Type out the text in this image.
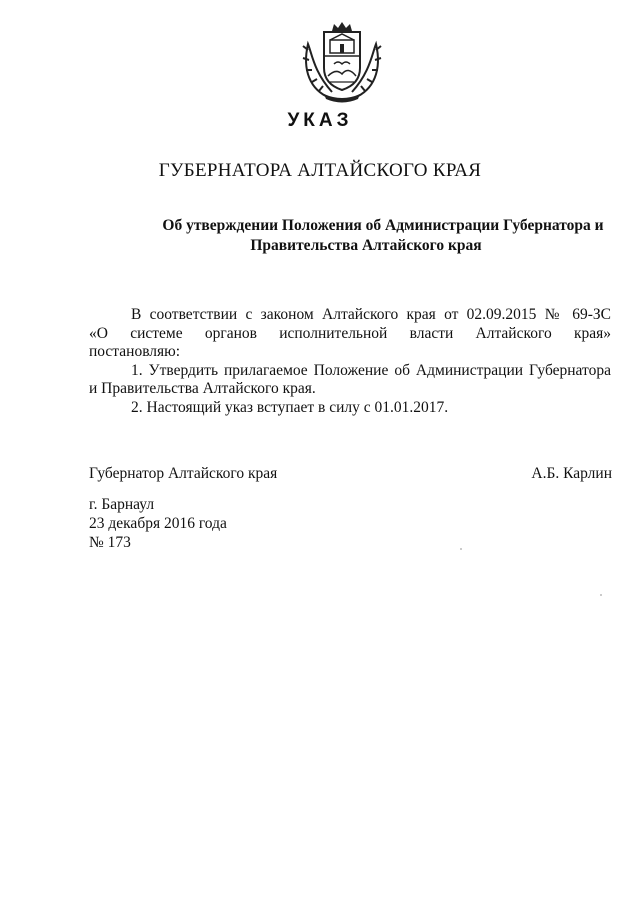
УКАЗ
ГУБЕРНАТОРА АЛТАЙСКОГО КРАЯ
Об утверждении Положения об Администрации Губернатора и
Правительства Алтайского края

В соответствии с законом Алтайского края от 02.09.2015 № 69-ЗС

«О системе органов исполнительной власти Алтайского края»

постановляю:

1. Утвердить прилагаемое Положение об Администрации Губернатора

и Правительства Алтайского края.

2. Настоящий указ вступает в силу с 01.01.2017.

Губернатор Алтайского края	А.Б. Карлин
г. Барнаул
23 декабря 2016 года
№ 173
